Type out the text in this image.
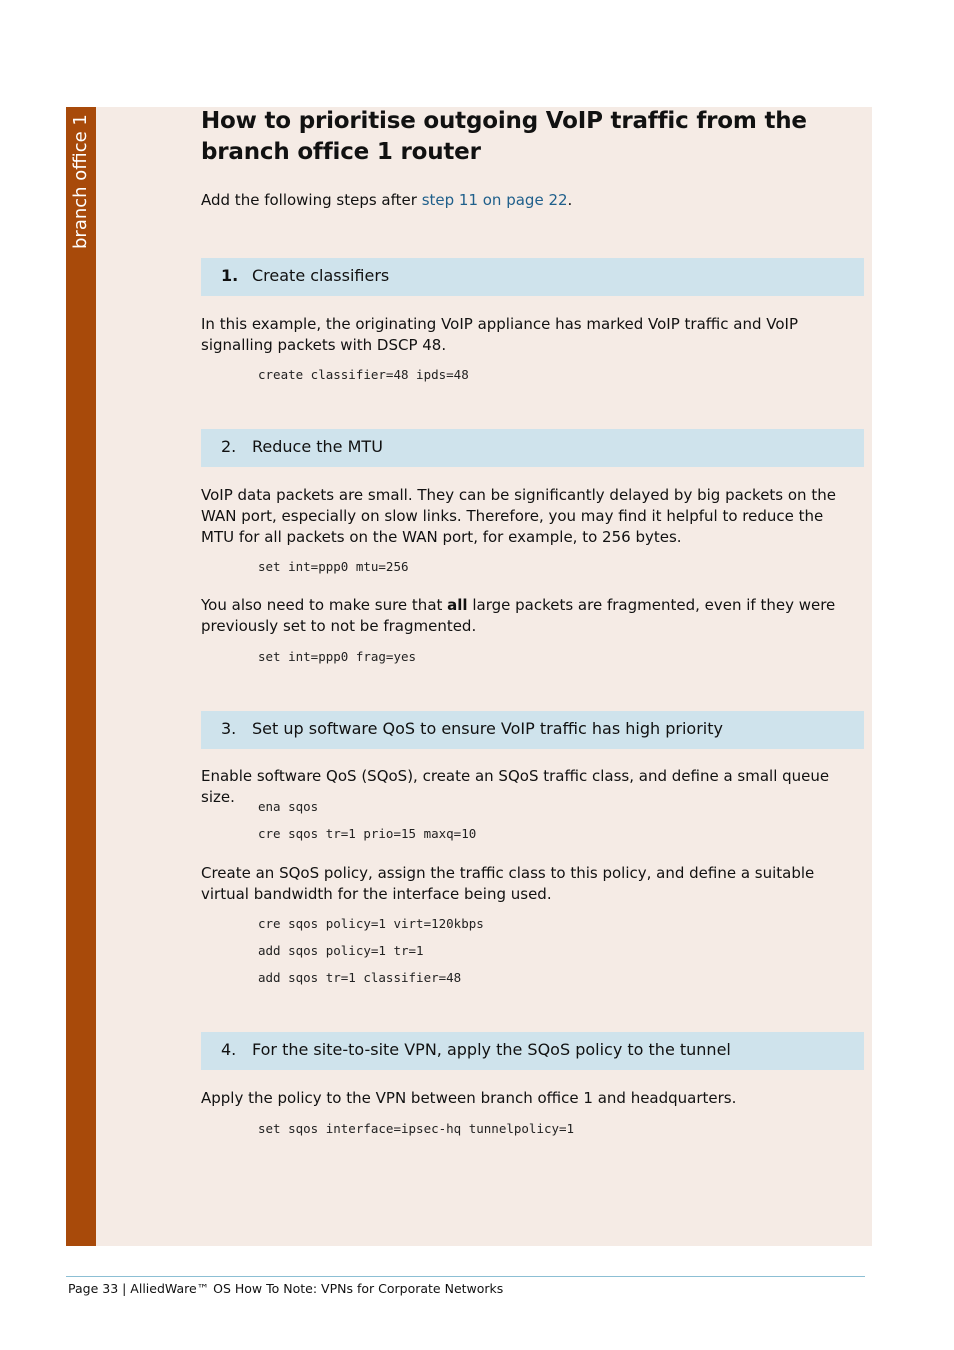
branch office 1	How to prioritise outgoing VoIP traffic from the branch office 1 router

Add the following steps after step 11 on page 22.

1. Create classifiers

In this example, the originating VoIP appliance has marked VoIP traffic and VoIP signalling packets with DSCP 48.

create classifier=48 ipds=48
2. Reduce the MTU

VoIP data packets are small. They can be significantly delayed by big packets on the WAN port, especially on slow links. Therefore, you may find it helpful to reduce the MTU for all packets on the WAN port, for example, to 256 bytes.

set int=ppp0 mtu=256

You also need to make sure that all large packets are fragmented, even if they were previously set to not be fragmented.

set int=ppp0 frag=yes
3. Set up software QoS to ensure VoIP traffic has high priority

Enable software QoS (SQoS), create an SQoS traffic class, and define a small queue size.

ena sqos
cre sqos tr=1 prio=15 maxq=10

Create an SQoS policy, assign the traffic class to this policy, and define a suitable virtual bandwidth for the interface being used.

cre sqos policy=1 virt=120kbps
add sqos policy=1 tr=1
add sqos tr=1 classifier=48
4. For the site-to-site VPN, apply the SQoS policy to the tunnel

Apply the policy to the VPN between branch office 1 and headquarters.

set sqos interface=ipsec-hq tunnelpolicy=1
Page 33 | AlliedWare™ OS How To Note: VPNs for Corporate Networks
